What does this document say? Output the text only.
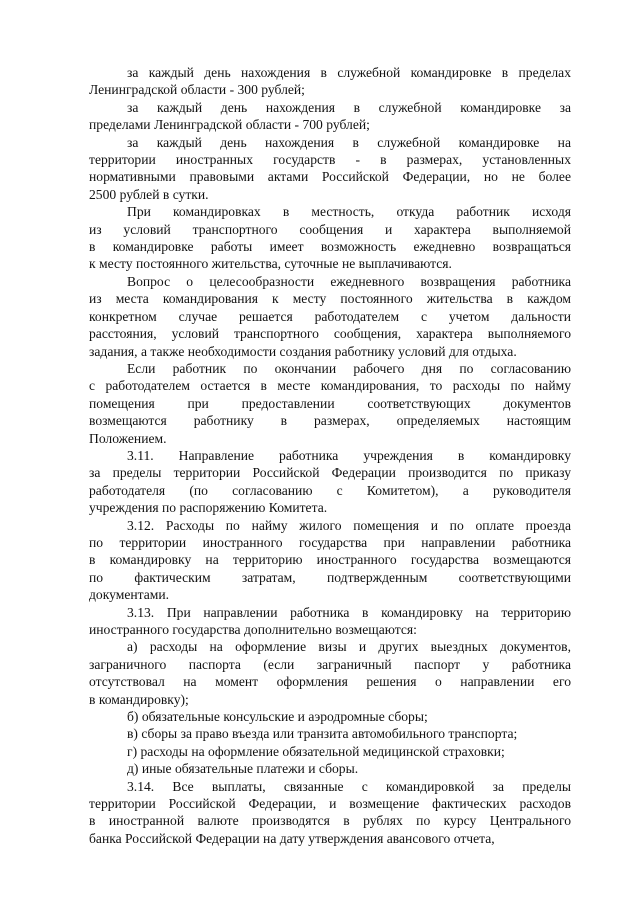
за каждый день нахождения в служебной командировке в пределах
Ленинградской области - 300 рублей;
за каждый день нахождения в служебной командировке за
пределами Ленинградской области - 700 рублей;
за каждый день нахождения в служебной командировке на
территории иностранных государств - в размерах, установленных
нормативными правовыми актами Российской Федерации, но не более
2500 рублей в сутки.
При командировках в местность, откуда работник исходя
из условий транспортного сообщения и характера выполняемой
в командировке работы имеет возможность ежедневно возвращаться
к месту постоянного жительства, суточные не выплачиваются.
Вопрос о целесообразности ежедневного возвращения работника
из места командирования к месту постоянного жительства в каждом
конкретном случае решается работодателем с учетом дальности
расстояния, условий транспортного сообщения, характера выполняемого
задания, а также необходимости создания работнику условий для отдыха.
Если работник по окончании рабочего дня по согласованию
с работодателем остается в месте командирования, то расходы по найму
помещения при предоставлении соответствующих документов
возмещаются работнику в размерах, определяемых настоящим
Положением.
3.11. Направление работника учреждения в командировку
за пределы территории Российской Федерации производится по приказу
работодателя (по согласованию с Комитетом), а руководителя
учреждения по распоряжению Комитета.
3.12. Расходы по найму жилого помещения и по оплате проезда
по территории иностранного государства при направлении работника
в командировку на территорию иностранного государства возмещаются
по фактическим затратам, подтвержденным соответствующими
документами.
3.13. При направлении работника в командировку на территорию
иностранного государства дополнительно возмещаются:
а) расходы на оформление визы и других выездных документов,
заграничного паспорта (если заграничный паспорт у работника
отсутствовал на момент оформления решения о направлении его
в командировку);
б) обязательные консульские и аэродромные сборы;
в) сборы за право въезда или транзита автомобильного транспорта;
г) расходы на оформление обязательной медицинской страховки;
д) иные обязательные платежи и сборы.
3.14. Все выплаты, связанные с командировкой за пределы
территории Российской Федерации, и возмещение фактических расходов
в иностранной валюте производятся в рублях по курсу Центрального
банка Российской Федерации на дату утверждения авансового отчета,
